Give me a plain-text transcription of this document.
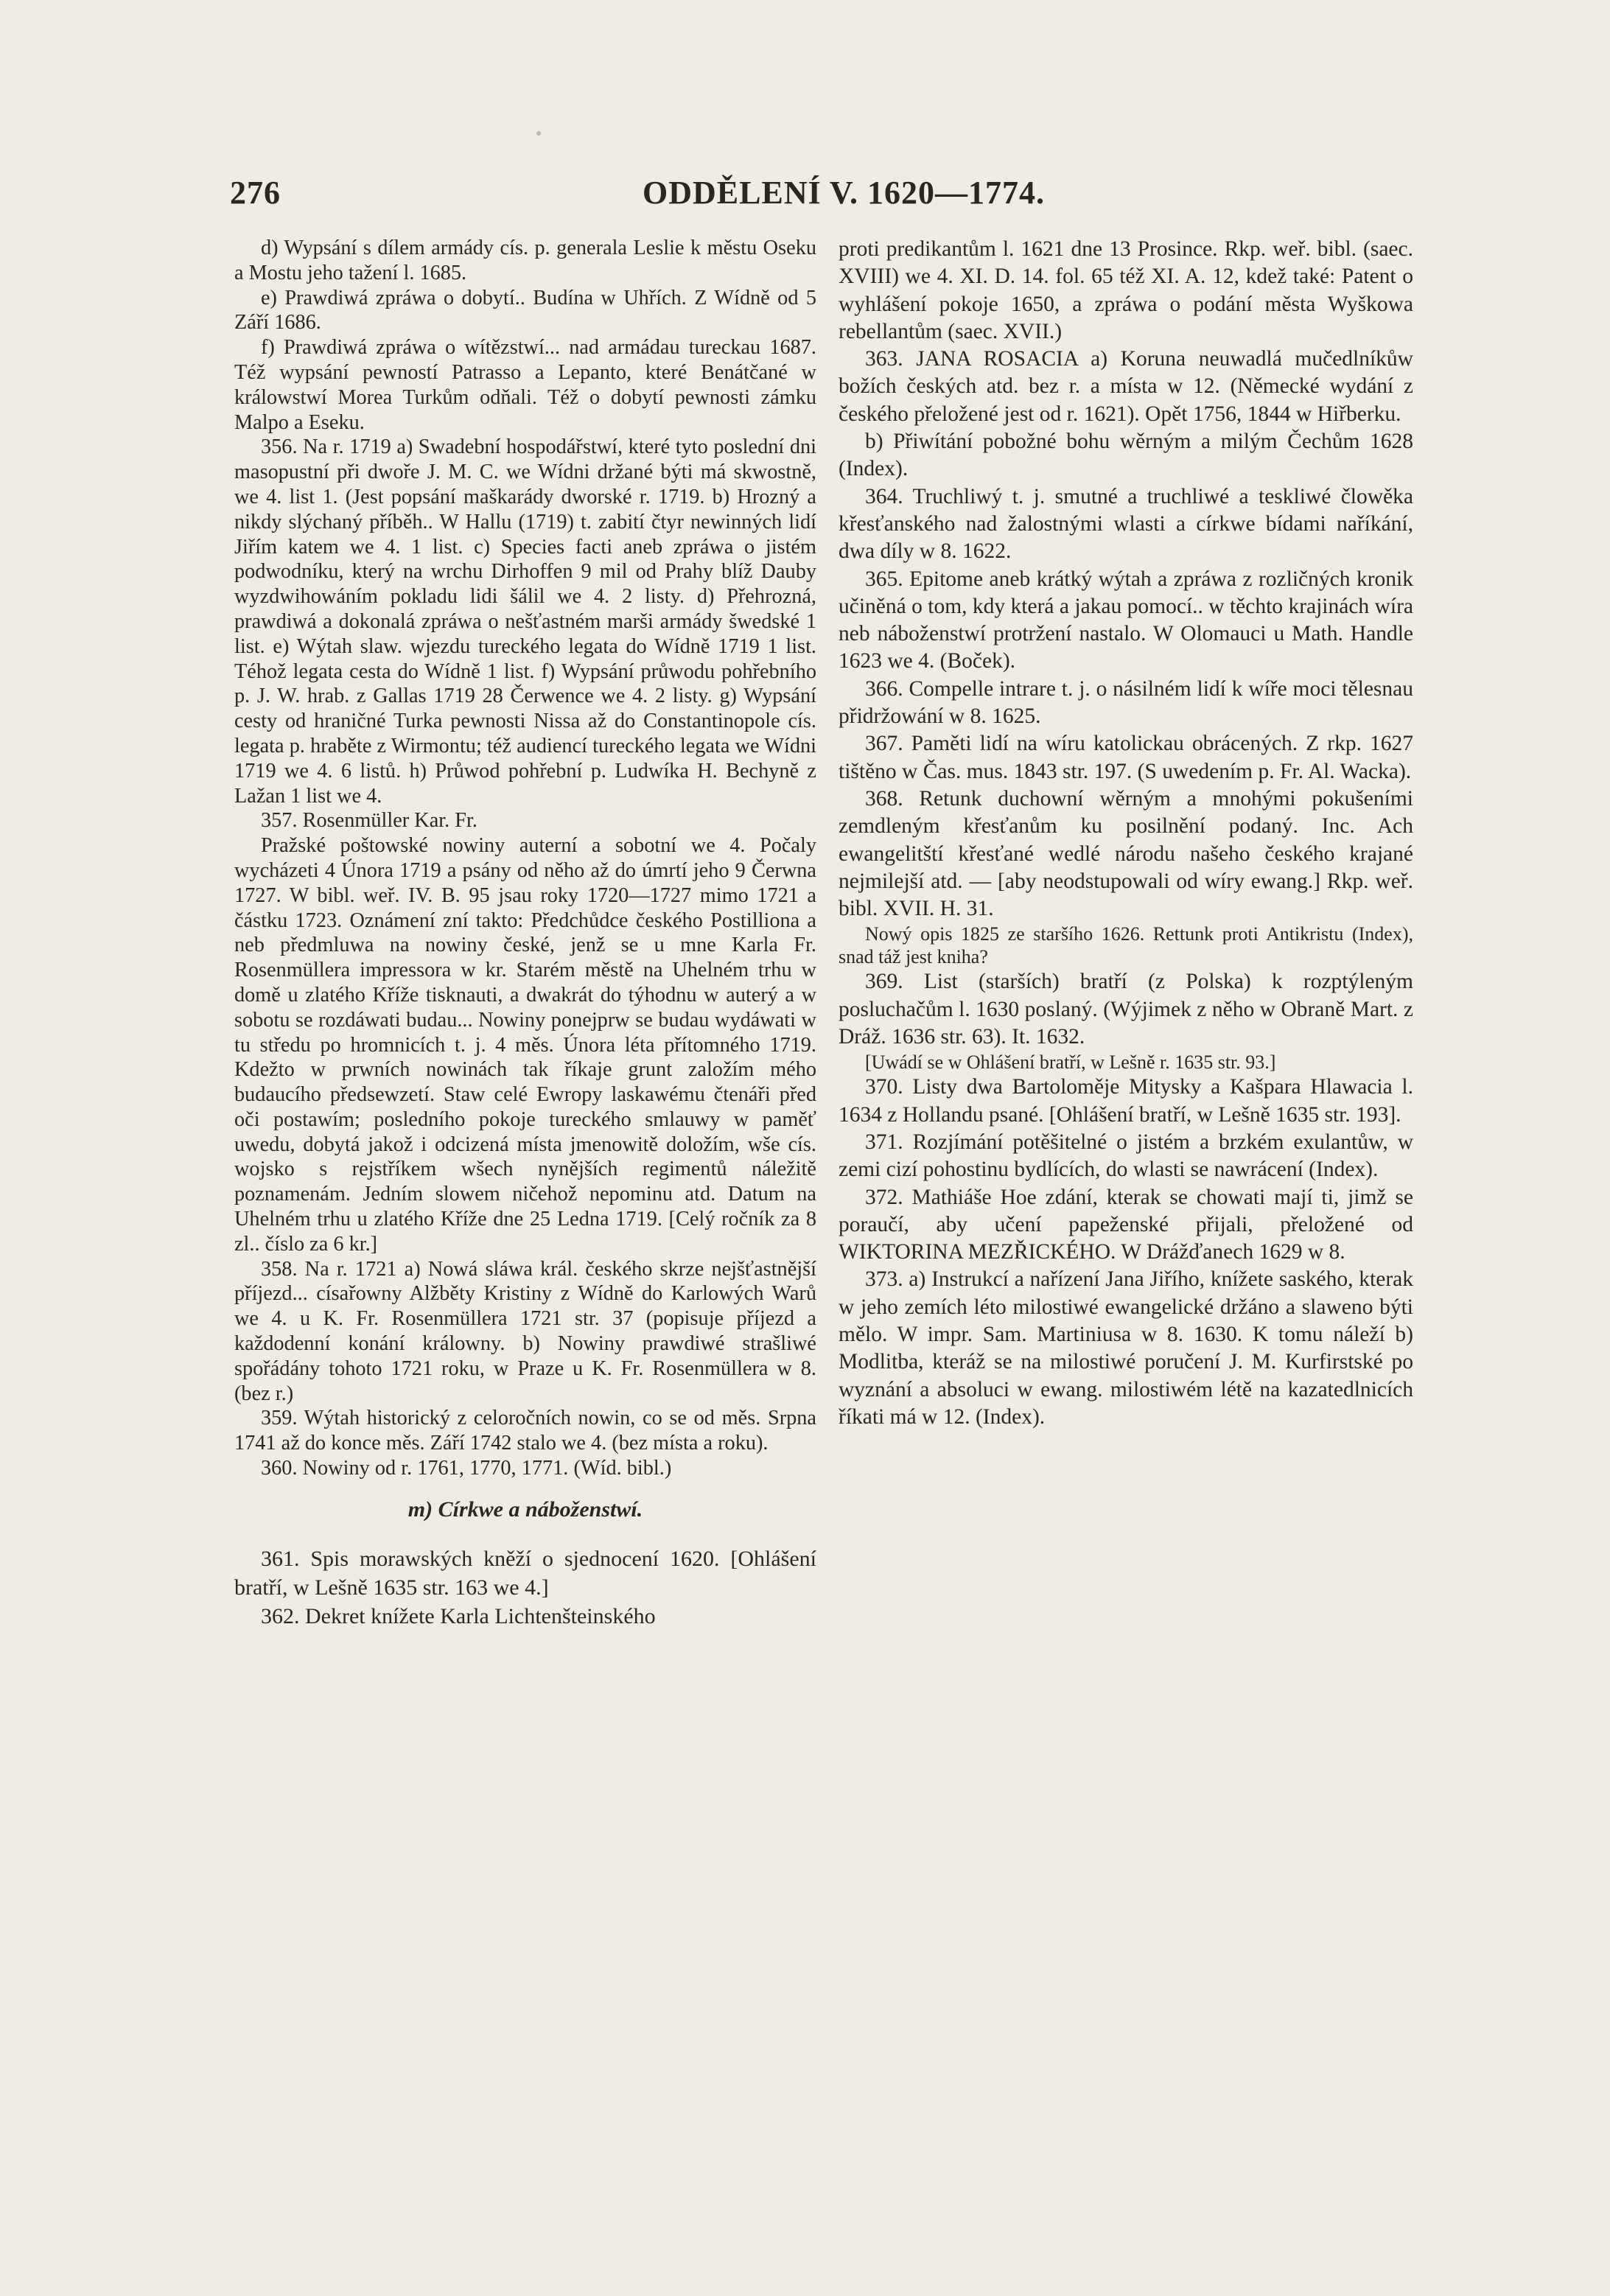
276	ODDĚLENÍ V. 1620—1774.

d) Wypsání s dílem armády cís. p. generala Leslie k městu Oseku a Mostu jeho tažení l. 1685.

e) Prawdiwá zpráwa o dobytí.. Budína w Uhřích. Z Wídně od 5 Září 1686.

f) Prawdiwá zpráwa o wítězstwí... nad armádau tureckau 1687. Též wypsání pewností Patrasso a Lepanto, které Benátčané w králowstwí Morea Turkům odňali. Též o dobytí pewnosti zámku Malpo a Eseku.

356. Na r. 1719 a) Swadební hospodářstwí, které tyto poslední dni masopustní při dwoře J. M. C. we Wídni držané býti má skwostně, we 4. list 1. (Jest popsání maškarády dworské r. 1719. b) Hrozný a nikdy slýchaný příběh.. W Hallu (1719) t. zabití čtyr newinných lidí Jiřím katem we 4. 1 list. c) Species facti aneb zpráwa o jistém podwodníku, který na wrchu Dirhoffen 9 mil od Prahy blíž Dauby wyzdwihowáním pokladu lidi šálil we 4. 2 listy. d) Přehrozná, prawdiwá a dokonalá zpráwa o nešťastném marši armády šwedské 1 list. e) Wýtah slaw. wjezdu tureckého legata do Wídně 1719 1 list. Téhož legata cesta do Wídně 1 list. f) Wypsání průwodu pohřebního p. J. W. hrab. z Gallas 1719 28 Čerwence we 4. 2 listy. g) Wypsání cesty od hraničné Turka pewnosti Nissa až do Constantinopole cís. legata p. hraběte z Wirmontu; též audiencí tureckého legata we Wídni 1719 we 4. 6 listů. h) Průwod pohřební p. Ludwíka H. Bechyně z Lažan 1 list we 4.

357. Rosenmüller Kar. Fr.

Pražské poštowské nowiny auterní a sobotní we 4. Počaly wycházeti 4 Února 1719 a psány od něho až do úmrtí jeho 9 Čerwna 1727. W bibl. weř. IV. B. 95 jsau roky 1720—1727 mimo 1721 a částku 1723. Oznámení zní takto: Předchůdce českého Postilliona a neb předmluwa na nowiny české, jenž se u mne Karla Fr. Rosenmüllera impressora w kr. Starém městě na Uhelném trhu w domě u zlatého Kříže tisknauti, a dwakrát do týhodnu w auterý a w sobotu se rozdáwati budau... Nowiny ponejprw se budau wydáwati w tu středu po hromnicích t. j. 4 měs. Února léta přítomného 1719. Kdežto w prwních nowinách tak říkaje grunt založím mého budaucího předsewzetí. Staw celé Ewropy laskawému čtenáři před oči postawím; posledního pokoje tureckého smlauwy w paměť uwedu, dobytá jakož i odcizená místa jmenowitě doložím, wše cís. wojsko s rejstříkem wšech nynějších regimentů náležitě poznamenám. Jedním slowem ničehož nepominu atd. Datum na Uhelném trhu u zlatého Kříže dne 25 Ledna 1719. [Celý ročník za 8 zl.. číslo za 6 kr.]

358. Na r. 1721 a) Nowá sláwa král. českého skrze nejšťastnější příjezd... císařowny Alžběty Kristiny z Wídně do Karlowých Warů we 4. u K. Fr. Rosenmüllera 1721 str. 37 (popisuje příjezd a každodenní konání králowny. b) Nowiny prawdiwé strašliwé spořádány tohoto 1721 roku, w Praze u K. Fr. Rosenmüllera w 8. (bez r.)

359. Wýtah historický z celoročních nowin, co se od měs. Srpna 1741 až do konce měs. Září 1742 stalo we 4. (bez místa a roku).

360. Nowiny od r. 1761, 1770, 1771. (Wíd. bibl.)

m) Církwe a náboženstwí.

361. Spis morawských kněží o sjednocení 1620. [Ohlášení bratří, w Lešně 1635 str. 163 we 4.]

362. Dekret knížete Karla Lichtenšteinského

proti predikantům l. 1621 dne 13 Prosince. Rkp. weř. bibl. (saec. XVIII) we 4. XI. D. 14. fol. 65 též XI. A. 12, kdež také: Patent o wyhlášení pokoje 1650, a zpráwa o podání města Wyškowa rebellantům (saec. XVII.)

363. JANA ROSACIA a) Koruna neuwadlá mučedlníkůw božích českých atd. bez r. a místa w 12. (Německé wydání z českého přeložené jest od r. 1621). Opět 1756, 1844 w Hiřberku.

b) Přiwítání pobožné bohu wěrným a milým Čechům 1628 (Index).

364. Truchliwý t. j. smutné a truchliwé a teskliwé člowěka křesťanského nad žalostnými wlasti a církwe bídami naříkání, dwa díly w 8. 1622.

365. Epitome aneb krátký wýtah a zpráwa z rozličných kronik učiněná o tom, kdy která a jakau pomocí.. w těchto krajinách wíra neb náboženstwí protržení nastalo. W Olomauci u Math. Handle 1623 we 4. (Boček).

366. Compelle intrare t. j. o násilném lidí k wíře moci tělesnau přidržowání w 8. 1625.

367. Paměti lidí na wíru katolickau obrácených. Z rkp. 1627 tištěno w Čas. mus. 1843 str. 197. (S uwedením p. Fr. Al. Wacka).

368. Retunk duchowní wěrným a mnohými pokušeními zemdleným křesťanům ku posilnění podaný. Inc. Ach ewangelitští křesťané wedlé národu našeho českého krajané nejmilejší atd. — [aby neodstupowali od wíry ewang.] Rkp. weř. bibl. XVII. H. 31.

Nowý opis 1825 ze staršího 1626. Rettunk proti Antikristu (Index), snad táž jest kniha?

369. List (starších) bratří (z Polska) k rozptýleným posluchačům l. 1630 poslaný. (Wýjimek z něho w Obraně Mart. z Dráž. 1636 str. 63). It. 1632.

[Uwádí se w Ohlášení bratří, w Lešně r. 1635 str. 93.]

370. Listy dwa Bartoloměje Mitysky a Kašpara Hlawacia l. 1634 z Hollandu psané. [Ohlášení bratří, w Lešně 1635 str. 193].

371. Rozjímání potěšitelné o jistém a brzkém exulantůw, w zemi cizí pohostinu bydlících, do wlasti se nawrácení (Index).

372. Mathiáše Hoe zdání, kterak se chowati mají ti, jimž se poraučí, aby učení papeženské přijali, přeložené od WIKTORINA MEZŘICKÉHO. W Drážďanech 1629 w 8.

373. a) Instrukcí a nařízení Jana Jiřího, knížete saského, kterak w jeho zemích léto milostiwé ewangelické držáno a slaweno býti mělo. W impr. Sam. Martiniusa w 8. 1630. K tomu náleží b) Modlitba, kteráž se na milostiwé poručení J. M. Kurfirstské po wyznání a absoluci w ewang. milostiwém létě na kazatedlnicích říkati má w 12. (Index).
